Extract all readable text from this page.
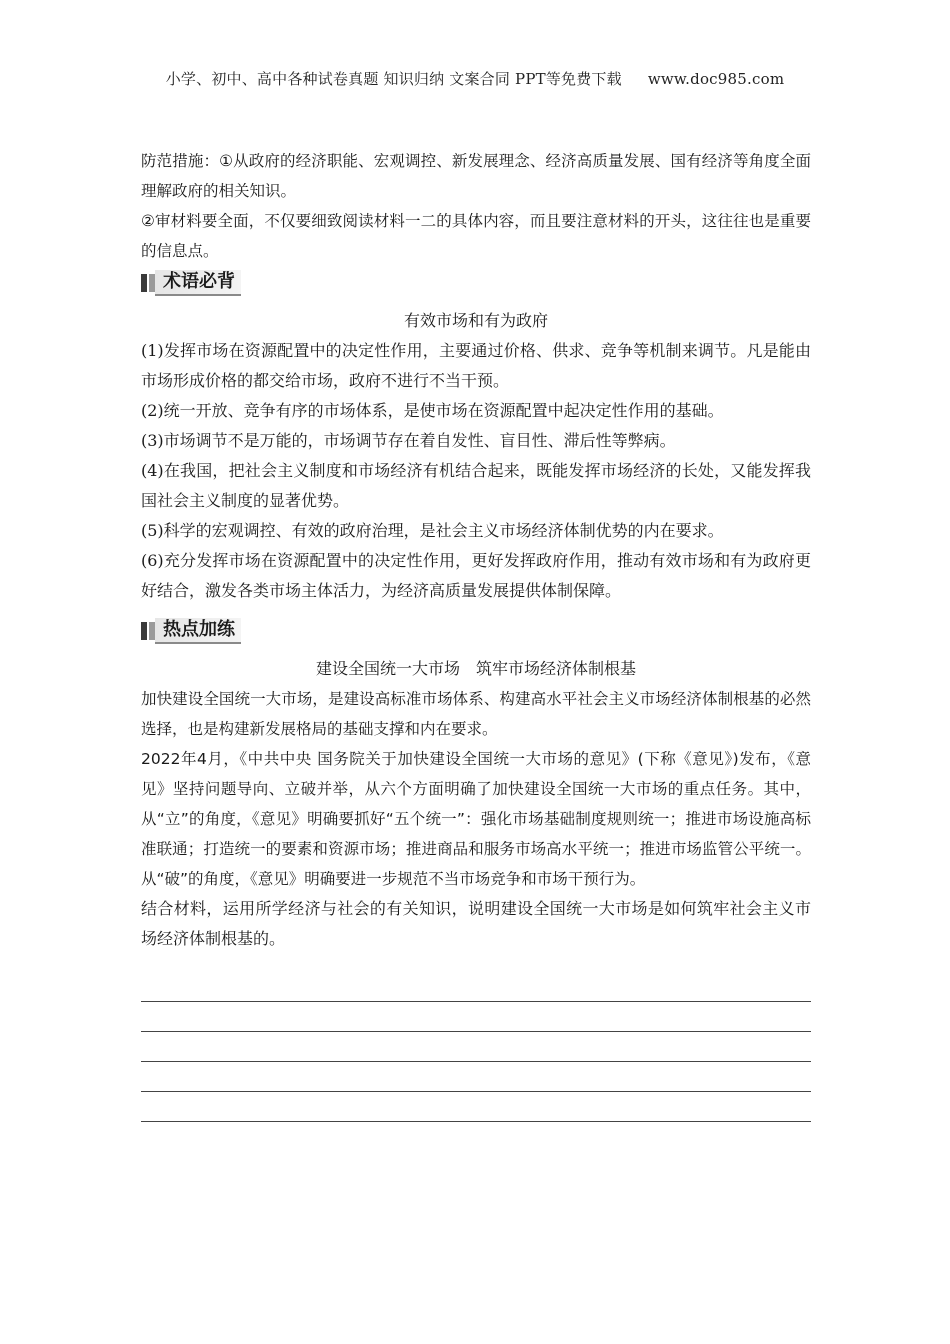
小学、初中、高中各种试卷真题 知识归纳 文案合同 PPT等免费下载 www.doc985.com

防范措施：①从政府的经济职能、宏观调控、新发展理念、经济高质量发展、国有经济等角度全面理解政府的相关知识。

②审材料要全面，不仅要细致阅读材料一二的具体内容，而且要注意材料的开头，这往往也是重要的信息点。

术语必背

有效市场和有为政府

(1)发挥市场在资源配置中的决定性作用，主要通过价格、供求、竞争等机制来调节。凡是能由市场形成价格的都交给市场，政府不进行不当干预。

(2)统一开放、竞争有序的市场体系，是使市场在资源配置中起决定性作用的基础。

(3)市场调节不是万能的，市场调节存在着自发性、盲目性、滞后性等弊病。

(4)在我国，把社会主义制度和市场经济有机结合起来，既能发挥市场经济的长处，又能发挥我国社会主义制度的显著优势。

(5)科学的宏观调控、有效的政府治理，是社会主义市场经济体制优势的内在要求。

(6)充分发挥市场在资源配置中的决定性作用，更好发挥政府作用，推动有效市场和有为政府更好结合，激发各类市场主体活力，为经济高质量发展提供体制保障。

热点加练

建设全国统一大市场　筑牢市场经济体制根基

加快建设全国统一大市场，是建设高标准市场体系、构建高水平社会主义市场经济体制根基的必然选择，也是构建新发展格局的基础支撑和内在要求。

2022年4月，《中共中央 国务院关于加快建设全国统一大市场的意见》(下称《意见》)发布，《意见》坚持问题导向、立破并举，从六个方面明确了加快建设全国统一大市场的重点任务。其中，从“立”的角度，《意见》明确要抓好“五个统一”：强化市场基础制度规则统一；推进市场设施高标准联通；打造统一的要素和资源市场；推进商品和服务市场高水平统一；推进市场监管公平统一。从“破”的角度，《意见》明确要进一步规范不当市场竞争和市场干预行为。

结合材料，运用所学经济与社会的有关知识，说明建设全国统一大市场是如何筑牢社会主义市场经济体制根基的。
